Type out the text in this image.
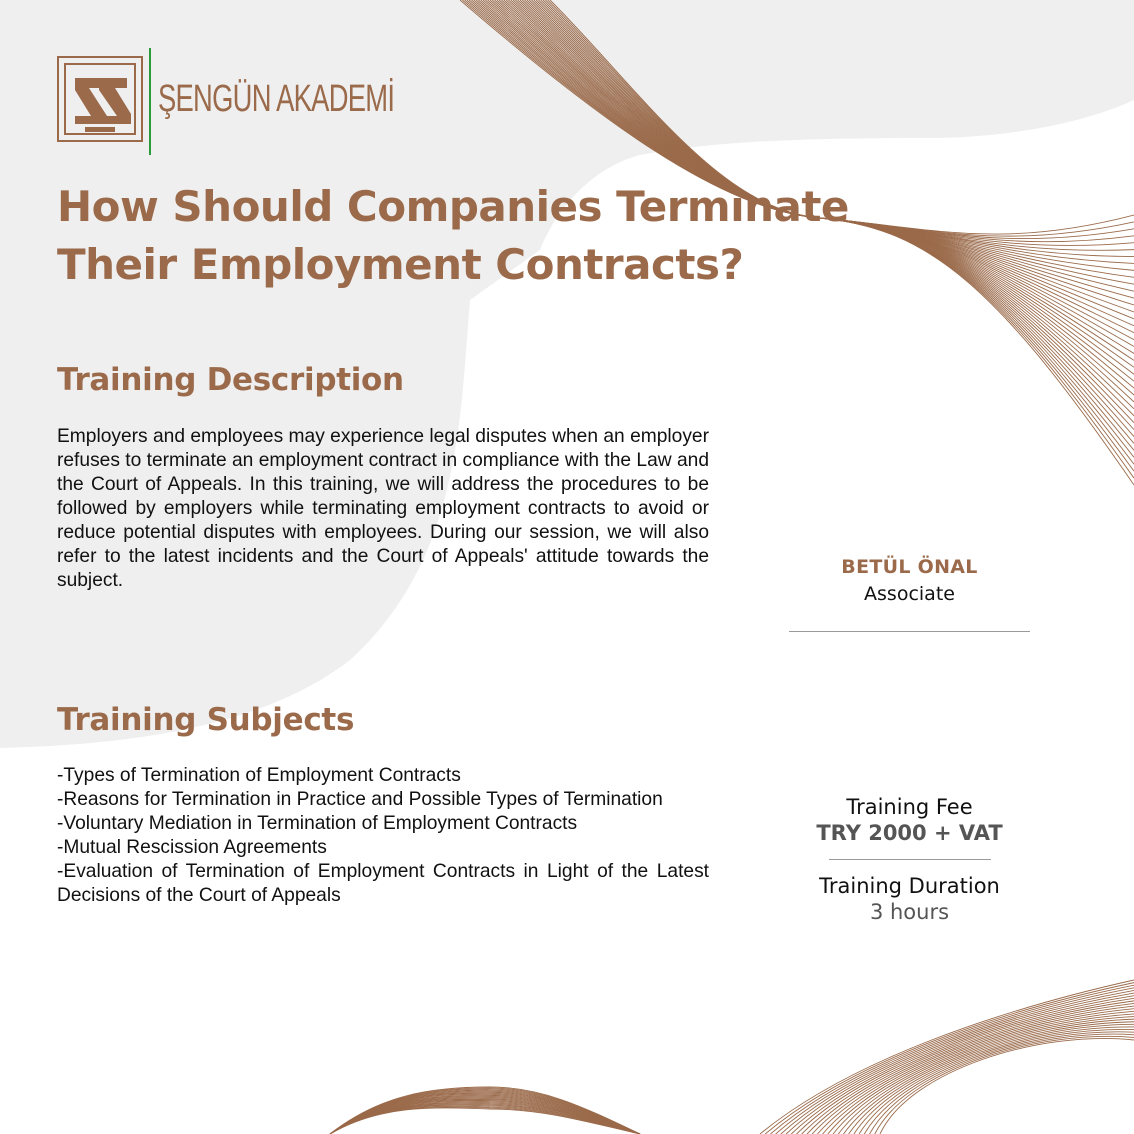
ŞENGÜN AKADEMİ
How Should Companies Terminate
Their Employment Contracts?
Training Description
Employers and employees may experience legal disputes when an employer refuses to terminate an employment contract in compliance with the Law and the Court of Appeals. In this training, we will address the procedures to be followed by employers while terminating employment contracts to avoid or reduce potential disputes with employees. During our session, we will also refer to the latest incidents and the Court of Appeals' attitude towards the subject.
Training Subjects
-Types of Termination of Employment Contracts
-Reasons for Termination in Practice and Possible Types of Termination
-Voluntary Mediation in Termination of Employment Contracts
-Mutual Rescission Agreements
-Evaluation of Termination of Employment Contracts in Light of the Latest Decisions of the Court of Appeals
BETÜL ÖNAL
Associate
Training Fee
TRY 2000 + VAT
Training Duration
3 hours
